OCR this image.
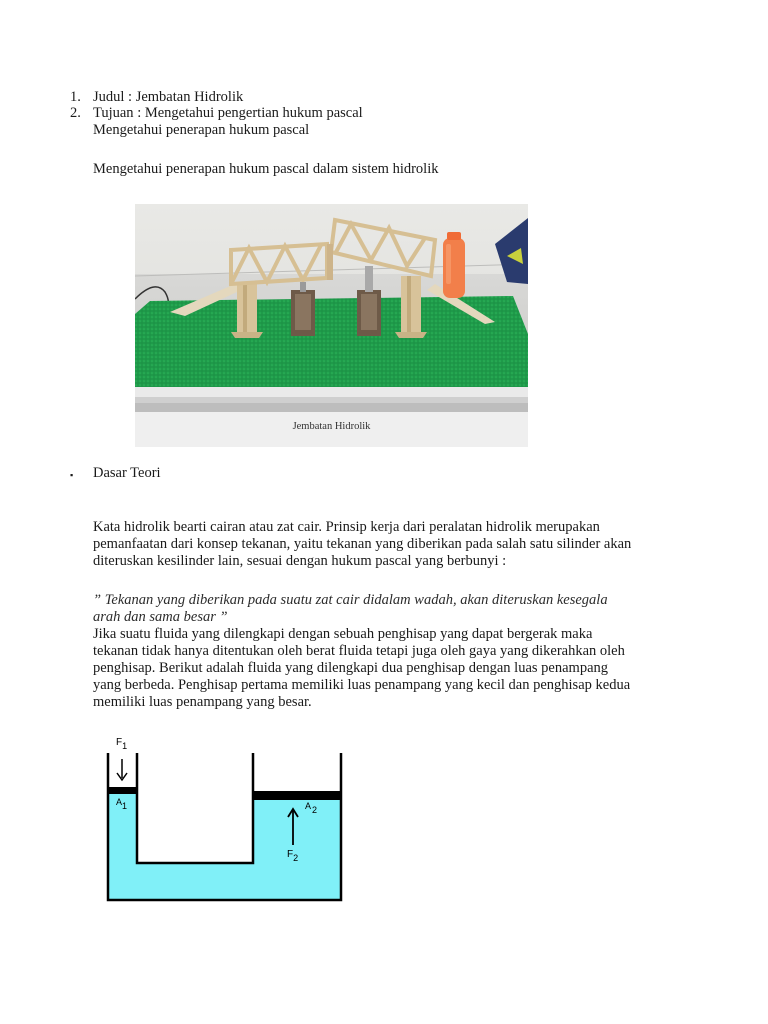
1. Judul : Jembatan Hidrolik
2. Tujuan : Mengetahui pengertian hukum pascal
Mengetahui penerapan hukum pascal
Mengetahui penerapan hukum pascal dalam sistem hidrolik
Jembatan Hidrolik
▪ Dasar Teori
Kata hidrolik bearti cairan atau zat cair. Prinsip kerja dari peralatan hidrolik merupakan
pemanfaatan dari konsep tekanan, yaitu tekanan yang diberikan pada salah satu silinder akan
diteruskan kesilinder lain, sesuai dengan hukum pascal yang berbunyi :
” Tekanan yang diberikan pada suatu zat cair didalam wadah, akan diteruskan kesegala
arah dan sama besar ”
Jika suatu fluida yang dilengkapi dengan sebuah penghisap yang dapat bergerak maka
tekanan tidak hanya ditentukan oleh berat fluida tetapi juga oleh gaya yang dikerahkan oleh
penghisap. Berikut adalah fluida yang dilengkapi dua penghisap dengan luas penampang
yang berbeda. Penghisap pertama memiliki luas penampang yang kecil dan penghisap kedua
memiliki luas penampang yang besar.
F1
A1	A2
F2
